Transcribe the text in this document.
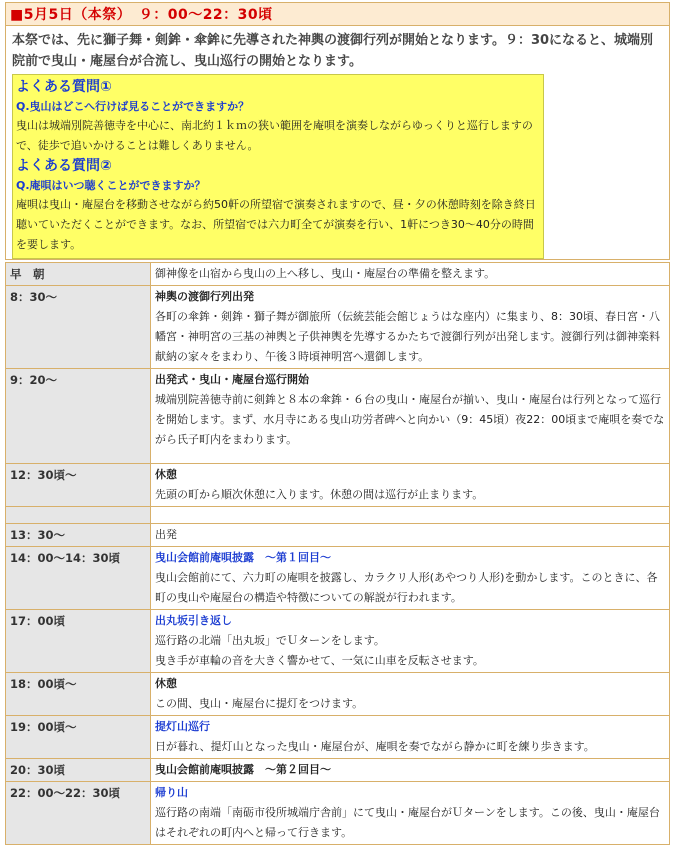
■5月5日（本祭）　９：00〜22：30頃
本祭では、先に獅子舞・剣鉾・傘鉾に先導された神輿の渡御行列が開始となります。９：30になると、城端別院前で曳山・庵屋台が合流し、曳山巡行の開始となります。
よくある質問①
Q.曳山はどこへ行けば見ることができますか？
曳山は城端別院善徳寺を中心に、南北約１ｋｍの狭い範囲を庵唄を演奏しながらゆっくりと巡行しますので、徒歩で追いかけることは難しくありません。
よくある質問②
Q.庵唄はいつ聴くことができますか？
庵唄は曳山・庵屋台を移動させながら約50軒の所望宿で演奏されますので、昼・夕の休憩時刻を除き終日聴いていただくことができます。なお、所望宿では六力町全てが演奏を行い、1軒につき30〜40分の時間を要します。
早　朝	御神像を山宿から曳山の上へ移し、曳山・庵屋台の準備を整えます。

8：30〜	神輿の渡御行列出発
各町の傘鉾・剣鉾・獅子舞が御旅所（伝統芸能会館じょうはな座内）に集まり、8：30頃、春日宮・八幡宮・神明宮の三基の神輿と子供神輿を先導するかたちで渡御行列が出発します。渡御行列は御神楽料献納の家々をまわり、午後３時頃神明宮へ還御します。

9：20〜	出発式・曳山・庵屋台巡行開始
城端別院善徳寺前に剣鉾と８本の傘鉾・６台の曳山・庵屋台が揃い、曳山・庵屋台は行列となって巡行を開始します。まず、水月寺にある曳山功労者碑へと向かい（9：45頃）夜22：00頃まで庵唄を奏でながら氏子町内をまわります。

12：30頃〜	休憩
先頭の町から順次休憩に入ります。休憩の間は巡行が止まります。

13：30〜	出発

14：00〜14：30頃	曳山会館前庵唄披露　〜第１回目〜
曳山会館前にて、六力町の庵唄を披露し、カラクリ人形(あやつり人形)を動かします。このときに、各町の曳山や庵屋台の構造や特徴についての解説が行われます。

17：00頃	出丸坂引き返し
巡行路の北端「出丸坂」でＵターンをします。
曳き手が車輪の音を大きく響かせて、一気に山車を反転させます。

18：00頃〜	休憩
この間、曳山・庵屋台に提灯をつけます。

19：00頃〜	提灯山巡行
日が暮れ、提灯山となった曳山・庵屋台が、庵唄を奏でながら静かに町を練り歩きます。

20：30頃	曳山会館前庵唄披露　〜第２回目〜

22：00〜22：30頃	帰り山
巡行路の南端「南砺市役所城端庁舎前」にて曳山・庵屋台がＵターンをします。この後、曳山・庵屋台はそれぞれの町内へと帰って行きます。
